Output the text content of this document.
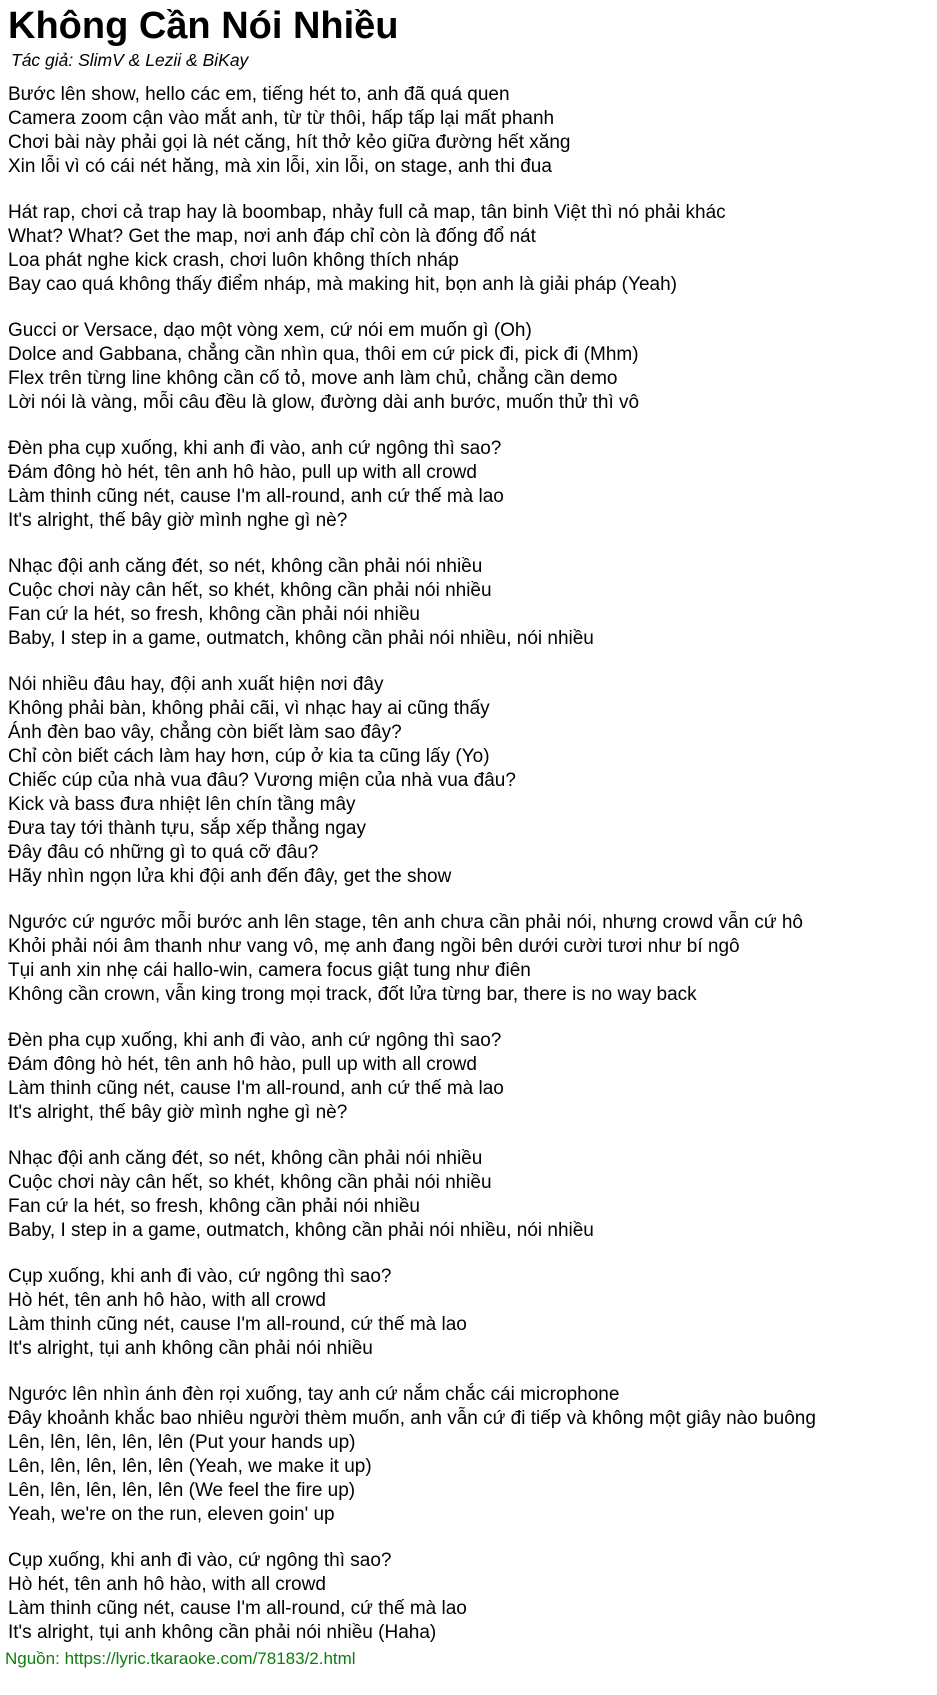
Không Cần Nói Nhiều
Tác giả: SlimV & Lezii & BiKay
Bước lên show, hello các em, tiếng hét to, anh đã quá quen
Camera zoom cận vào mắt anh, từ từ thôi, hấp tấp lại mất phanh
Chơi bài này phải gọi là nét căng, hít thở kẻo giữa đường hết xăng
Xin lỗi vì có cái nét hăng, mà xin lỗi, xin lỗi, on stage, anh thi đua
Hát rap, chơi cả trap hay là boombap, nhảy full cả map, tân binh Việt thì nó phải khác
What? What? Get the map, nơi anh đáp chỉ còn là đống đổ nát
Loa phát nghe kick crash, chơi luôn không thích nháp
Bay cao quá không thấy điểm nháp, mà making hit, bọn anh là giải pháp (Yeah)
Gucci or Versace, dạo một vòng xem, cứ nói em muốn gì (Oh)
Dolce and Gabbana, chẳng cần nhìn qua, thôi em cứ pick đi, pick đi (Mhm)
Flex trên từng line không cần cố tỏ, move anh làm chủ, chẳng cần demo
Lời nói là vàng, mỗi câu đều là glow, đường dài anh bước, muốn thử thì vô
Đèn pha cụp xuống, khi anh đi vào, anh cứ ngông thì sao?
Đám đông hò hét, tên anh hô hào, pull up with all crowd
Làm thinh cũng nét, cause I'm all-round, anh cứ thế mà lao
It's alright, thế bây giờ mình nghe gì nè?
Nhạc đội anh căng đét, so nét, không cần phải nói nhiều
Cuộc chơi này cân hết, so khét, không cần phải nói nhiều
Fan cứ la hét, so fresh, không cần phải nói nhiều
Baby, I step in a game, outmatch, không cần phải nói nhiều, nói nhiều
Nói nhiều đâu hay, đội anh xuất hiện nơi đây
Không phải bàn, không phải cãi, vì nhạc hay ai cũng thấy
Ánh đèn bao vây, chẳng còn biết làm sao đây?
Chỉ còn biết cách làm hay hơn, cúp ở kia ta cũng lấy (Yo)
Chiếc cúp của nhà vua đâu? Vương miện của nhà vua đâu?
Kick và bass đưa nhiệt lên chín tầng mây
Đưa tay tới thành tựu, sắp xếp thẳng ngay
Đây đâu có những gì to quá cỡ đâu?
Hãy nhìn ngọn lửa khi đội anh đến đây, get the show
Ngước cứ ngước mỗi bước anh lên stage, tên anh chưa cần phải nói, nhưng crowd vẫn cứ hô
Khỏi phải nói âm thanh như vang vô, mẹ anh đang ngồi bên dưới cười tươi như bí ngô
Tụi anh xin nhẹ cái hallo-win, camera focus giật tung như điên
Không cần crown, vẫn king trong mọi track, đốt lửa từng bar, there is no way back
Đèn pha cụp xuống, khi anh đi vào, anh cứ ngông thì sao?
Đám đông hò hét, tên anh hô hào, pull up with all crowd
Làm thinh cũng nét, cause I'm all-round, anh cứ thế mà lao
It's alright, thế bây giờ mình nghe gì nè?
Nhạc đội anh căng đét, so nét, không cần phải nói nhiều
Cuộc chơi này cân hết, so khét, không cần phải nói nhiều
Fan cứ la hét, so fresh, không cần phải nói nhiều
Baby, I step in a game, outmatch, không cần phải nói nhiều, nói nhiều
Cụp xuống, khi anh đi vào, cứ ngông thì sao?
Hò hét, tên anh hô hào, with all crowd
Làm thinh cũng nét, cause I'm all-round, cứ thế mà lao
It's alright, tụi anh không cần phải nói nhiều
Ngước lên nhìn ánh đèn rọi xuống, tay anh cứ nắm chắc cái microphone
Đây khoảnh khắc bao nhiêu người thèm muốn, anh vẫn cứ đi tiếp và không một giây nào buông
Lên, lên, lên, lên, lên (Put your hands up)
Lên, lên, lên, lên, lên (Yeah, we make it up)
Lên, lên, lên, lên, lên (We feel the fire up)
Yeah, we're on the run, eleven goin' up
Cụp xuống, khi anh đi vào, cứ ngông thì sao?
Hò hét, tên anh hô hào, with all crowd
Làm thinh cũng nét, cause I'm all-round, cứ thế mà lao
It's alright, tụi anh không cần phải nói nhiều (Haha)
Nguồn: https://lyric.tkaraoke.com/78183/2.html
